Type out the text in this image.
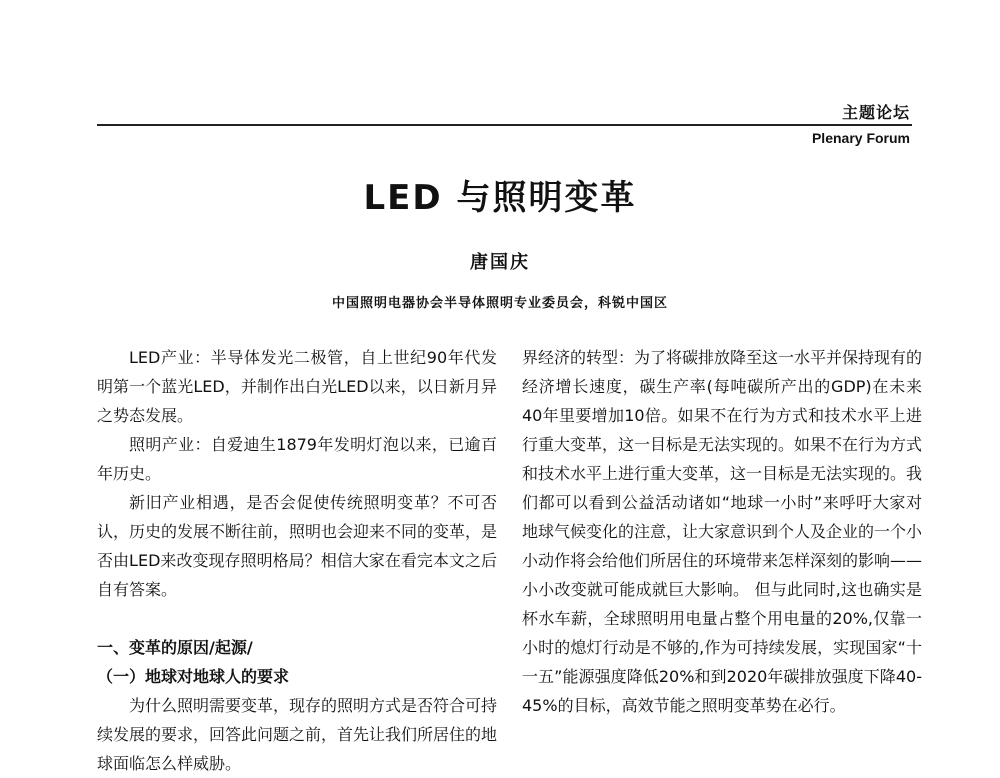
主题论坛
Plenary Forum
LED 与照明变革
唐国庆
中国照明电器协会半导体照明专业委员会，科锐中国区

LED产业：半导体发光二极管，自上世纪90年代发明第一个蓝光LED，并制作出白光LED以来，以日新月异之势态发展。

照明产业：自爱迪生1879年发明灯泡以来，已逾百年历史。

新旧产业相遇，是否会促使传统照明变革？不可否认，历史的发展不断往前，照明也会迎来不同的变革，是否由LED来改变现存照明格局？相信大家在看完本文之后自有答案。

一、变革的原因/起源/

（一）地球对地球人的要求

为什么照明需要变革，现存的照明方式是否符合可持续发展的要求，回答此问题之前，首先让我们所居住的地球面临怎么样威胁。

界经济的转型：为了将碳排放降至这一水平并保持现有的经济增长速度，碳生产率(每吨碳所产出的GDP)在未来40年里要增加10倍。如果不在行为方式和技术水平上进行重大变革，这一目标是无法实现的。如果不在行为方式和技术水平上进行重大变革，这一目标是无法实现的。我们都可以看到公益活动诸如“地球一小时”来呼吁大家对地球气候变化的注意，让大家意识到个人及企业的一个小小动作将会给他们所居住的环境带来怎样深刻的影响——小小改变就可能成就巨大影响。 但与此同时,这也确实是杯水车薪，全球照明用电量占整个用电量的20%,仅靠一小时的熄灯行动是不够的,作为可持续发展，实现国家“十一五”能源强度降低20%和到2020年碳排放强度下降40-45%的目标，高效节能之照明变革势在必行。
